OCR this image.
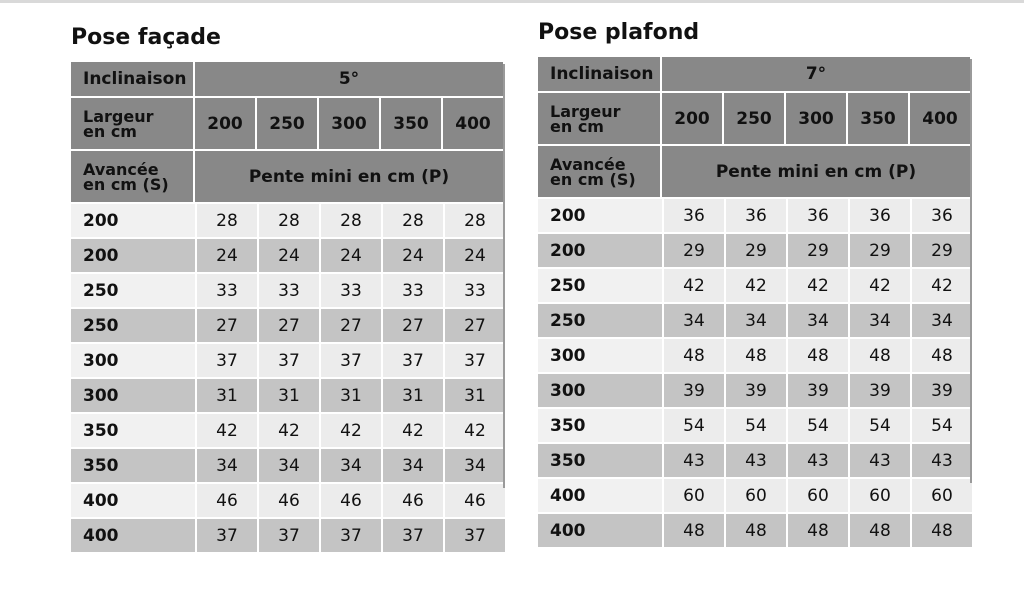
Pose façade
Inclinaison	5°				

Largeur
en cm	200	250	300	350	400

Avancée
en cm (S)	Pente mini en cm (P)				
200	28	28	28	28	28
200	24	24	24	24	24
250	33	33	33	33	33
250	27	27	27	27	27
300	37	37	37	37	37
300	31	31	31	31	31
350	42	42	42	42	42
350	34	34	34	34	34
400	46	46	46	46	46
400	37	37	37	37	37
Pose plafond
Inclinaison	7°				

Largeur
en cm	200	250	300	350	400

Avancée
en cm (S)	Pente mini en cm (P)				
200	36	36	36	36	36
200	29	29	29	29	29
250	42	42	42	42	42
250	34	34	34	34	34
300	48	48	48	48	48
300	39	39	39	39	39
350	54	54	54	54	54
350	43	43	43	43	43
400	60	60	60	60	60
400	48	48	48	48	48
